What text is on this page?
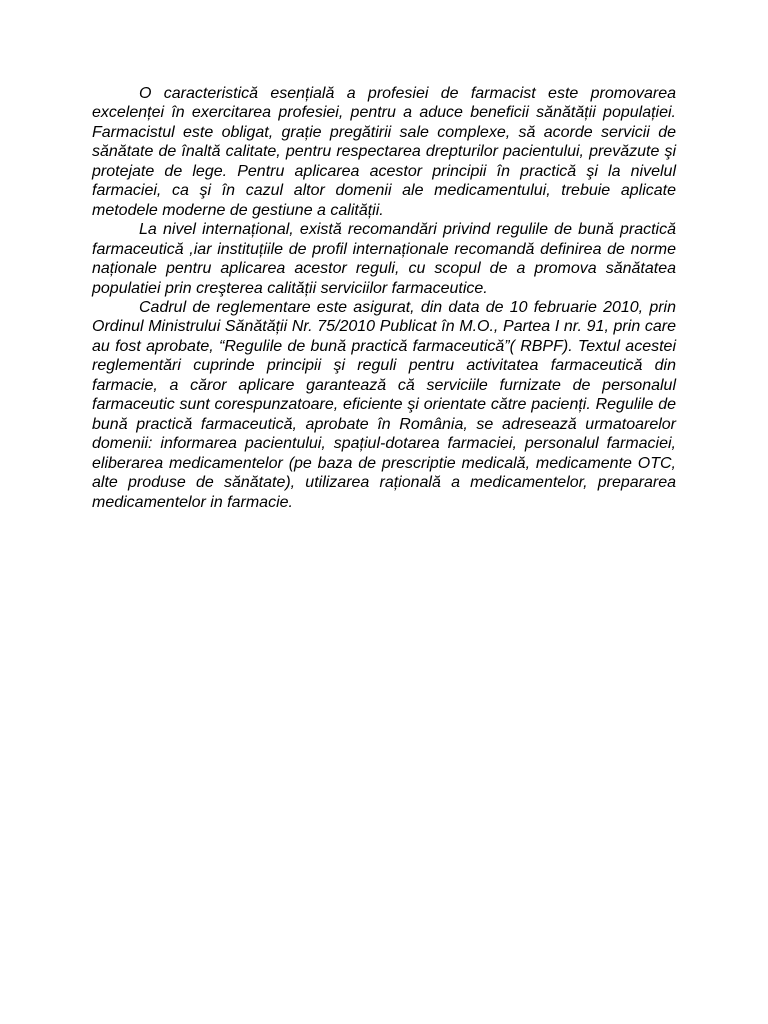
O caracteristică esențială a profesiei de farmacist este promovarea excelenței în exercitarea profesiei, pentru a aduce beneficii sănătății populației. Farmacistul este obligat, grație pregătirii sale complexe, să acorde servicii de sănătate de înaltă calitate, pentru respectarea drepturilor pacientului, prevăzute şi protejate de lege. Pentru aplicarea acestor principii în practică şi la nivelul farmaciei, ca şi în cazul altor domenii ale medicamentului, trebuie aplicate metodele moderne de gestiune a calității.

La nivel internațional, există recomandări privind regulile de bună practică farmaceutică ,iar instituțiile de profil internaționale recomandă definirea de norme naționale pentru aplicarea acestor reguli, cu scopul de a promova sănătatea populatiei prin creşterea calității serviciilor farmaceutice.

Cadrul de reglementare este asigurat, din data de 10 februarie 2010, prin Ordinul Ministrului Sănătății Nr. 75/2010 Publicat în M.O., Partea I nr. 91, prin care au fost aprobate, “Regulile de bună practică farmaceutică”( RBPF). Textul acestei reglementări cuprinde principii şi reguli pentru activitatea farmaceutică din farmacie, a căror aplicare garantează că serviciile furnizate de personalul farmaceutic sunt corespunzatoare, eficiente şi orientate către pacienți. Regulile de bună practică farmaceutică, aprobate în România, se adresează urmatoarelor domenii: informarea pacientului, spațiul-dotarea farmaciei, personalul farmaciei, eliberarea medicamentelor (pe baza de prescriptie medicală, medicamente OTC, alte produse de sănătate), utilizarea rațională a medicamentelor, prepararea medicamentelor in farmacie.
